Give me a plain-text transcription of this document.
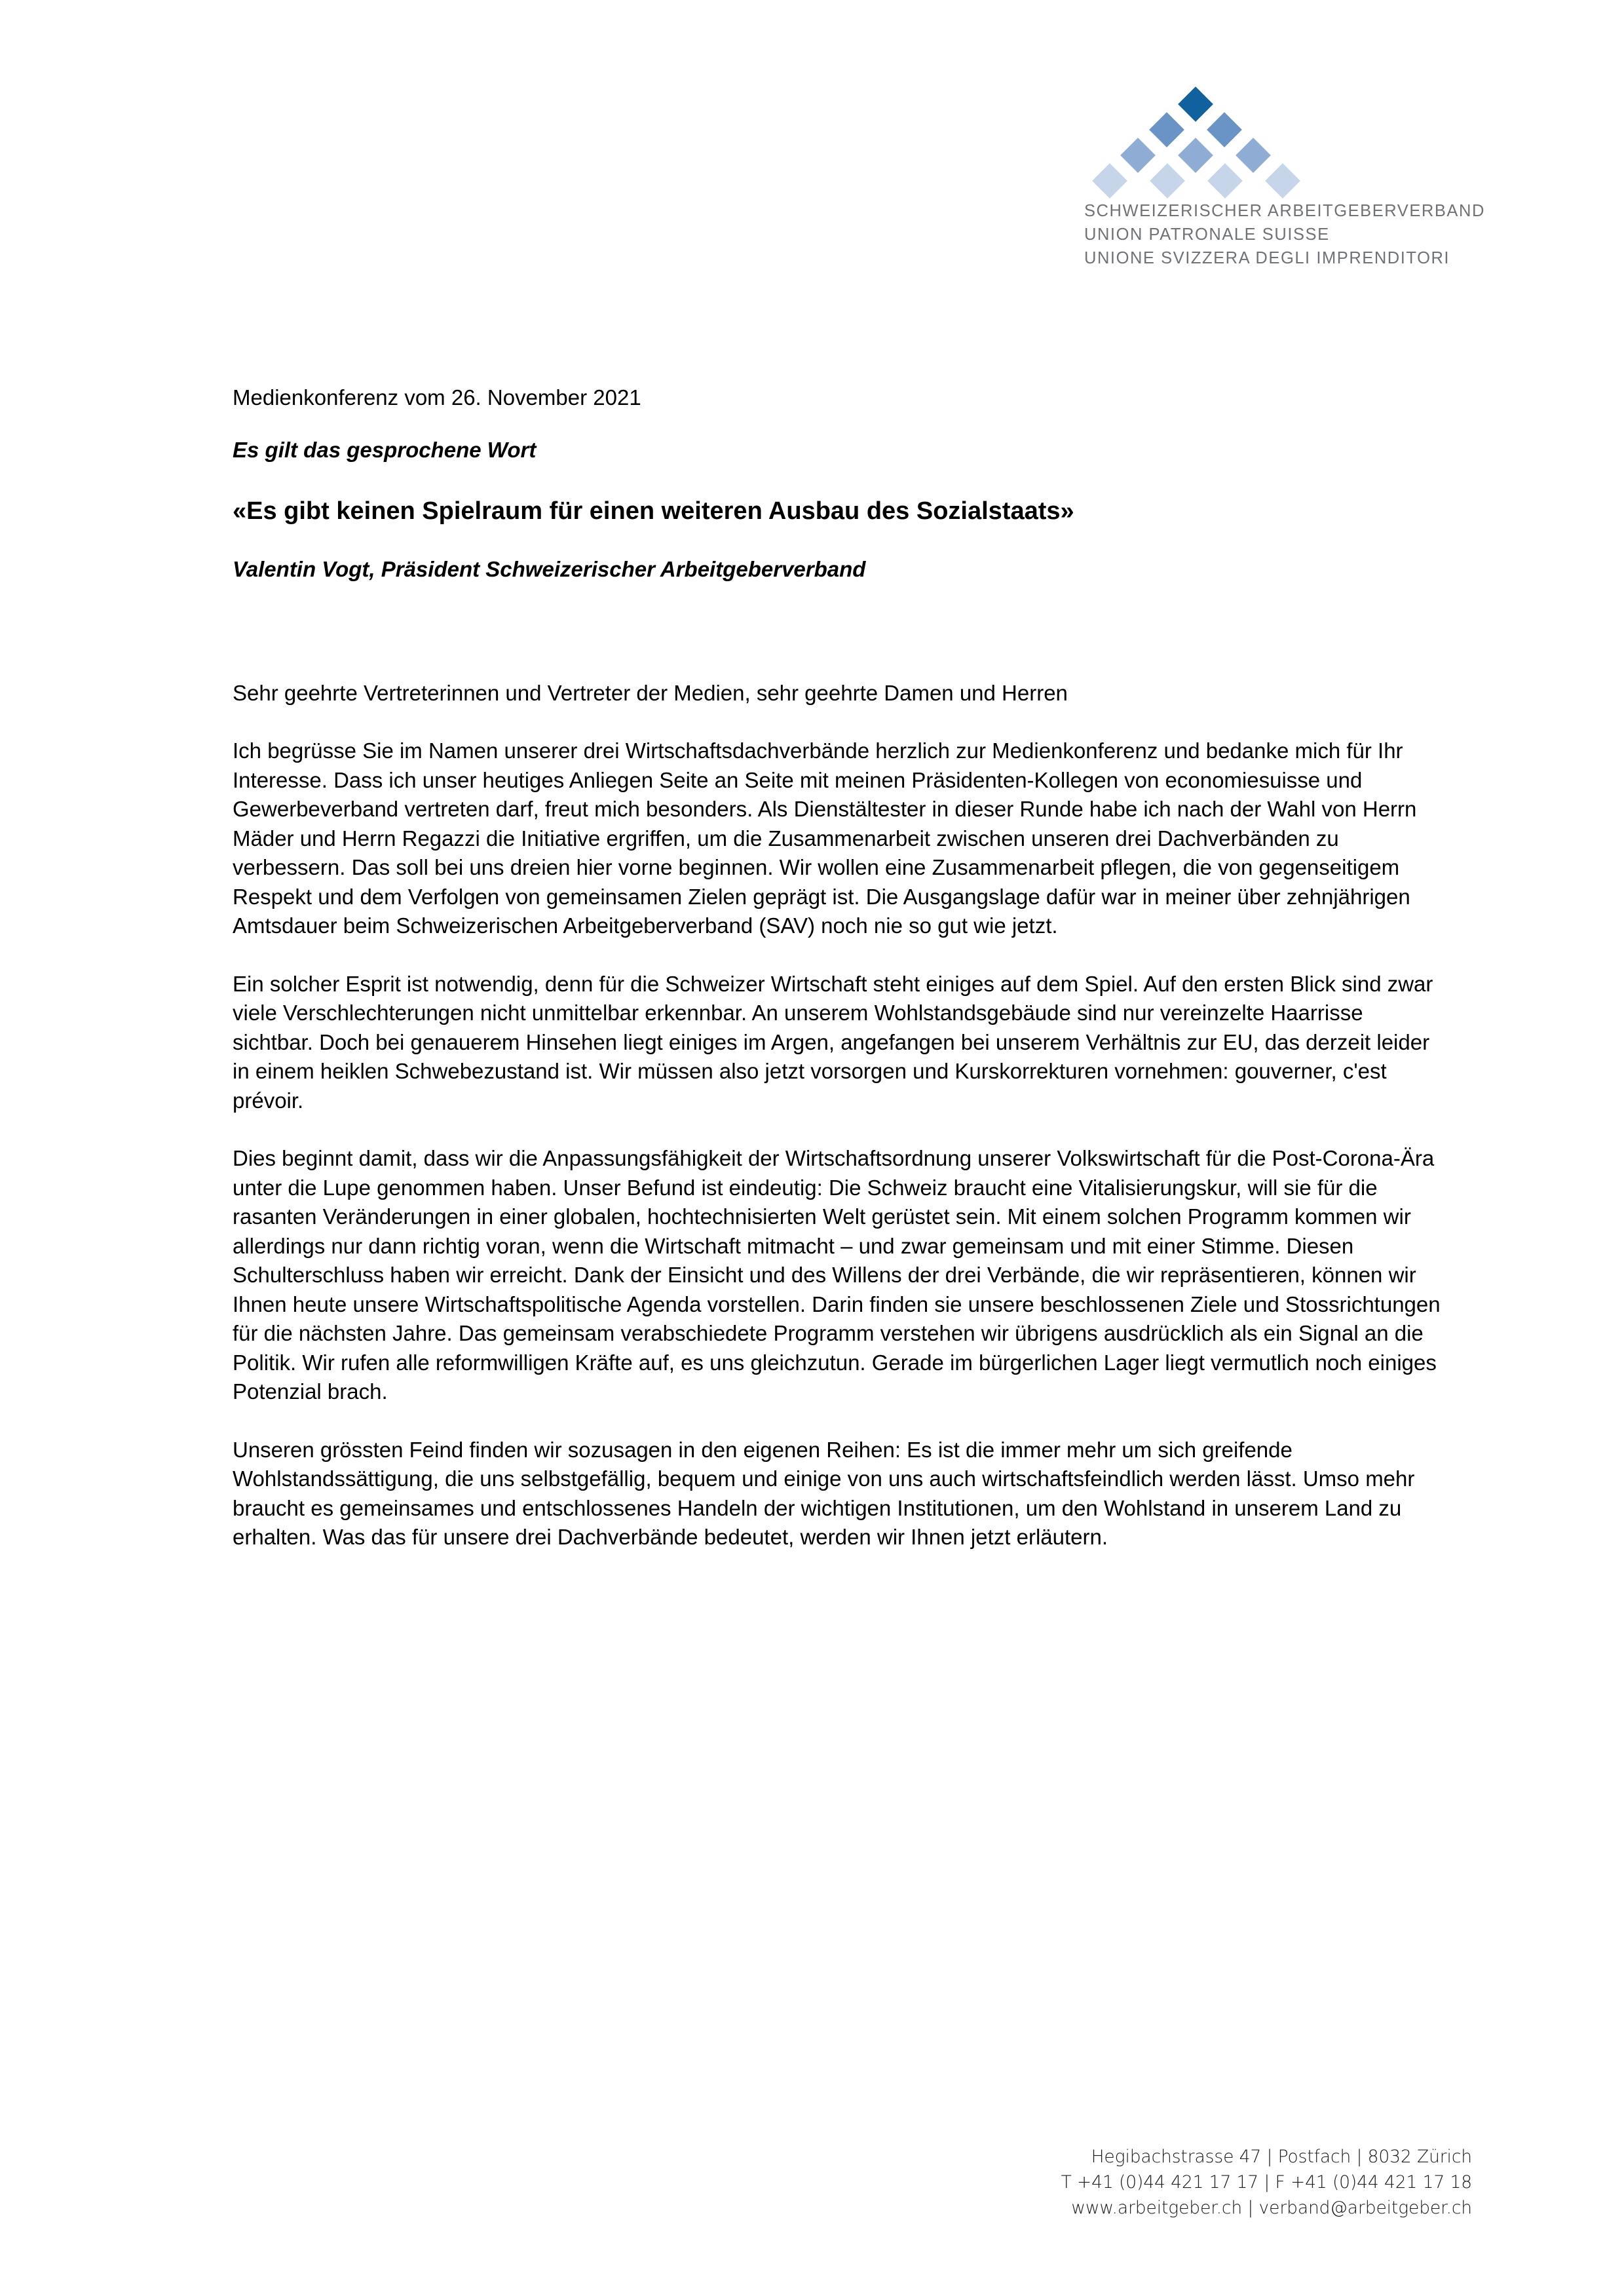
SCHWEIZERISCHER ARBEITGEBERVERBAND
UNION PATRONALE SUISSE
UNIONE SVIZZERA DEGLI IMPRENDITORI
Medienkonferenz vom 26. November 2021
Es gilt das gesprochene Wort
«Es gibt keinen Spielraum für einen weiteren Ausbau des Sozialstaats»
Valentin Vogt, Präsident Schweizerischer Arbeitgeberverband

Sehr geehrte Vertreterinnen und Vertreter der Medien, sehr geehrte Damen und Herren

Ich begrüsse Sie im Namen unserer drei Wirtschaftsdachverbände herzlich zur Medienkonferenz und bedanke mich für Ihr Interesse. Dass ich unser heutiges Anliegen Seite an Seite mit meinen Präsidenten-Kollegen von economiesuisse und Gewerbeverband vertreten darf, freut mich besonders. Als Dienstältester in dieser Runde habe ich nach der Wahl von Herrn Mäder und Herrn Regazzi die Initiative ergriffen, um die Zusammenarbeit zwischen unseren drei Dachverbänden zu verbessern. Das soll bei uns dreien hier vorne beginnen. Wir wollen eine Zusammenarbeit pflegen, die von gegenseitigem Respekt und dem Verfolgen von gemeinsamen Zielen geprägt ist. Die Ausgangslage dafür war in meiner über zehnjährigen Amtsdauer beim Schweizerischen Arbeitgeberverband (SAV) noch nie so gut wie jetzt.

Ein solcher Esprit ist notwendig, denn für die Schweizer Wirtschaft steht einiges auf dem Spiel. Auf den ersten Blick sind zwar viele Verschlechterungen nicht unmittelbar erkennbar. An unserem Wohlstandsgebäude sind nur vereinzelte Haarrisse sichtbar. Doch bei genauerem Hinsehen liegt einiges im Argen, angefangen bei unserem Verhältnis zur EU, das derzeit leider in einem heiklen Schwebezustand ist. Wir müssen also jetzt vorsorgen und Kurskorrekturen vornehmen: gouverner, c'est prévoir.

Dies beginnt damit, dass wir die Anpassungsfähigkeit der Wirtschaftsordnung unserer Volkswirtschaft für die Post-Corona-Ära unter die Lupe genommen haben. Unser Befund ist eindeutig: Die Schweiz braucht eine Vitalisierungskur, will sie für die rasanten Veränderungen in einer globalen, hochtechnisierten Welt gerüstet sein. Mit einem solchen Programm kommen wir allerdings nur dann richtig voran, wenn die Wirtschaft mitmacht – und zwar gemeinsam und mit einer Stimme. Diesen Schulterschluss haben wir erreicht. Dank der Einsicht und des Willens der drei Verbände, die wir repräsentieren, können wir Ihnen heute unsere Wirtschaftspolitische Agenda vorstellen. Darin finden sie unsere beschlossenen Ziele und Stossrichtungen für die nächsten Jahre. Das gemeinsam verabschiedete Programm verstehen wir übrigens ausdrücklich als ein Signal an die Politik. Wir rufen alle reformwilligen Kräfte auf, es uns gleichzutun. Gerade im bürgerlichen Lager liegt vermutlich noch einiges Potenzial brach.

Unseren grössten Feind finden wir sozusagen in den eigenen Reihen: Es ist die immer mehr um sich greifende Wohlstandssättigung, die uns selbstgefällig, bequem und einige von uns auch wirtschaftsfeindlich werden lässt. Umso mehr braucht es gemeinsames und entschlossenes Handeln der wichtigen Institutionen, um den Wohlstand in unserem Land zu erhalten. Was das für unsere drei Dachverbände bedeutet, werden wir Ihnen jetzt erläutern.

Hegibachstrasse 47 | Postfach | 8032 Zürich
T +41 (0)44 421 17 17 | F +41 (0)44 421 17 18
www.arbeitgeber.ch | verband@arbeitgeber.ch
